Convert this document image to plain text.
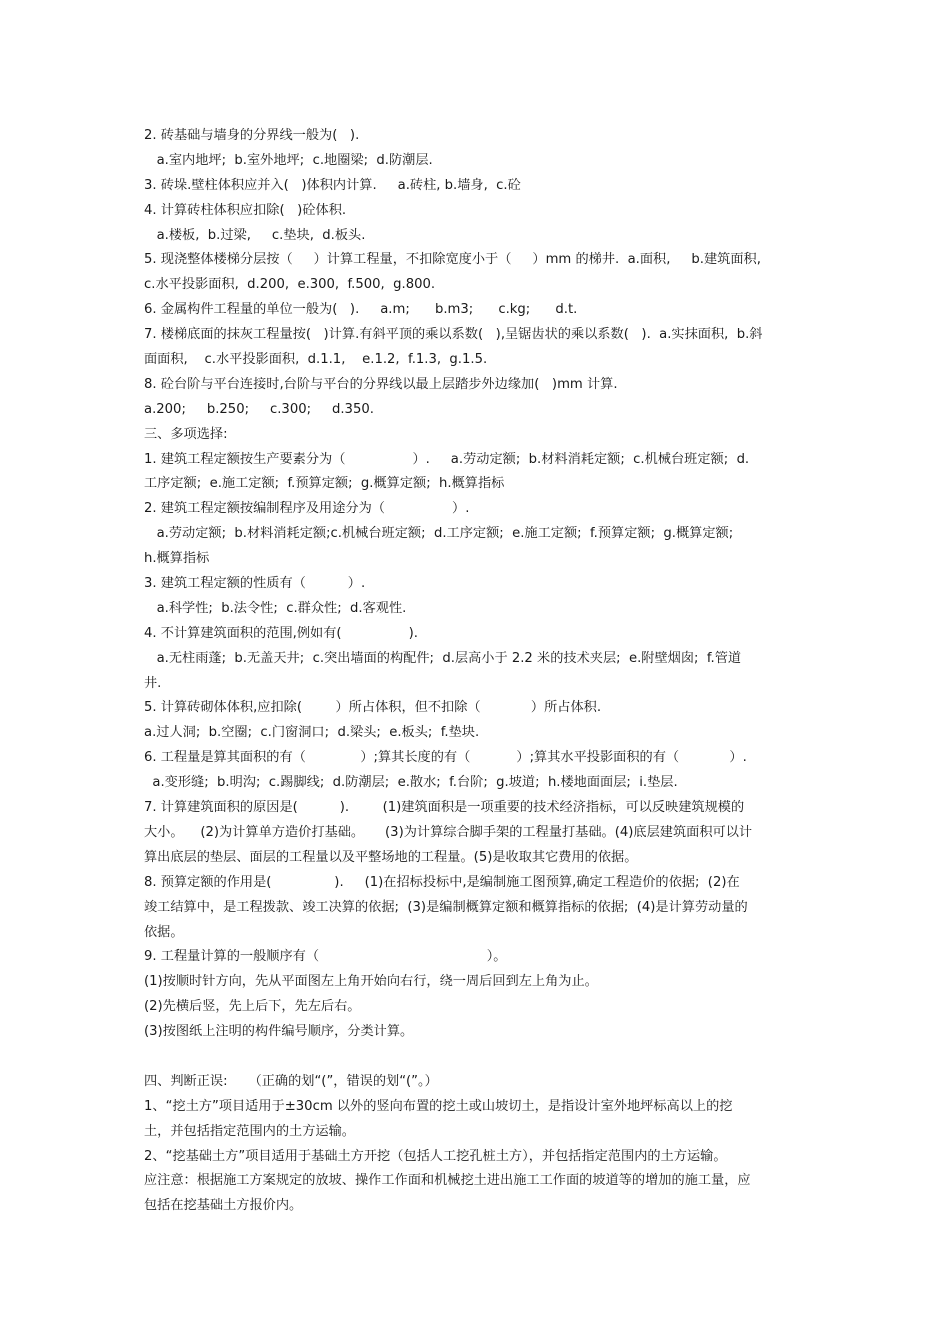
2. 砖基础与墙身的分界线一般为(   ).

a.室内地坪;  b.室外地坪;  c.地圈梁;  d.防潮层.

3. 砖垛.壁柱体积应并入(   )体积内计算.     a.砖柱, b.墙身,  c.砼

4. 计算砖柱体积应扣除(   )砼体积.

a.楼板,  b.过梁,     c.垫块,  d.板头.

5. 现浇整体楼梯分层按（     ）计算工程量，不扣除宽度小于（     ）mm 的梯井.  a.面积,     b.建筑面积,

c.水平投影面积,  d.200,  e.300,  f.500,  g.800.

6. 金属构件工程量的单位一般为(   ).     a.m;      b.m3;      c.kg;      d.t.

7. 楼梯底面的抹灰工程量按(   )计算.有斜平顶的乘以系数(   ),呈锯齿状的乘以系数(   ).  a.实抹面积,  b.斜

面面积,    c.水平投影面积,  d.1.1,    e.1.2,  f.1.3,  g.1.5.

8. 砼台阶与平台连接时,台阶与平台的分界线以最上层踏步外边缘加(   )mm 计算.

a.200;     b.250;     c.300;     d.350.

三、多项选择:

1. 建筑工程定额按生产要素分为（                ）.     a.劳动定额;  b.材料消耗定额;  c.机械台班定额;  d.

工序定额;  e.施工定额;  f.预算定额;  g.概算定额;  h.概算指标

2. 建筑工程定额按编制程序及用途分为（                ）.

a.劳动定额;  b.材料消耗定额;c.机械台班定额;  d.工序定额;  e.施工定额;  f.预算定额;  g.概算定额;

h.概算指标

3. 建筑工程定额的性质有（          ）.

a.科学性;  b.法令性;  c.群众性;  d.客观性.

4. 不计算建筑面积的范围,例如有(                ).

a.无柱雨蓬;  b.无盖天井;  c.突出墙面的构配件;  d.层高小于 2.2 米的技术夹层;  e.附壁烟囱;  f.管道

井.

5. 计算砖砌体体积,应扣除(        ）所占体积，但不扣除（            ）所占体积.

a.过人洞;  b.空圈;  c.门窗洞口;  d.梁头;  e.板头;  f.垫块.

6. 工程量是算其面积的有（             ）;算其长度的有（           ）;算其水平投影面积的有（            ）.

a.变形缝;  b.明沟;  c.踢脚线;  d.防潮层;  e.散水;  f.台阶;  g.坡道;  h.楼地面面层;  i.垫层.

7. 计算建筑面积的原因是(          ).        (1)建筑面积是一项重要的技术经济指标，可以反映建筑规模的

大小。    (2)为计算单方造价打基础。     (3)为计算综合脚手架的工程量打基础。(4)底层建筑面积可以计

算出底层的垫层、面层的工程量以及平整场地的工程量。(5)是收取其它费用的依据。

8. 预算定额的作用是(               ).     (1)在招标投标中,是编制施工图预算,确定工程造价的依据;  (2)在

竣工结算中，是工程拨款、竣工决算的依据;  (3)是编制概算定额和概算指标的依据;  (4)是计算劳动量的

依据。

9. 工程量计算的一般顺序有（                                        ）。

(1)按顺时针方向，先从平面图左上角开始向右行，绕一周后回到左上角为止。

(2)先横后竖，先上后下，先左后右。

(3)按图纸上注明的构件编号顺序，分类计算。

四、判断正误:     （正确的划“(”，错误的划“(”。）

1、“挖土方”项目适用于±30cm 以外的竖向布置的挖土或山坡切土，是指设计室外地坪标高以上的挖

土，并包括指定范围内的土方运输。

2、“挖基础土方”项目适用于基础土方开挖（包括人工挖孔桩土方），并包括指定范围内的土方运输。

应注意：根据施工方案规定的放坡、操作工作面和机械挖土进出施工工作面的坡道等的增加的施工量，应

包括在挖基础土方报价内。
